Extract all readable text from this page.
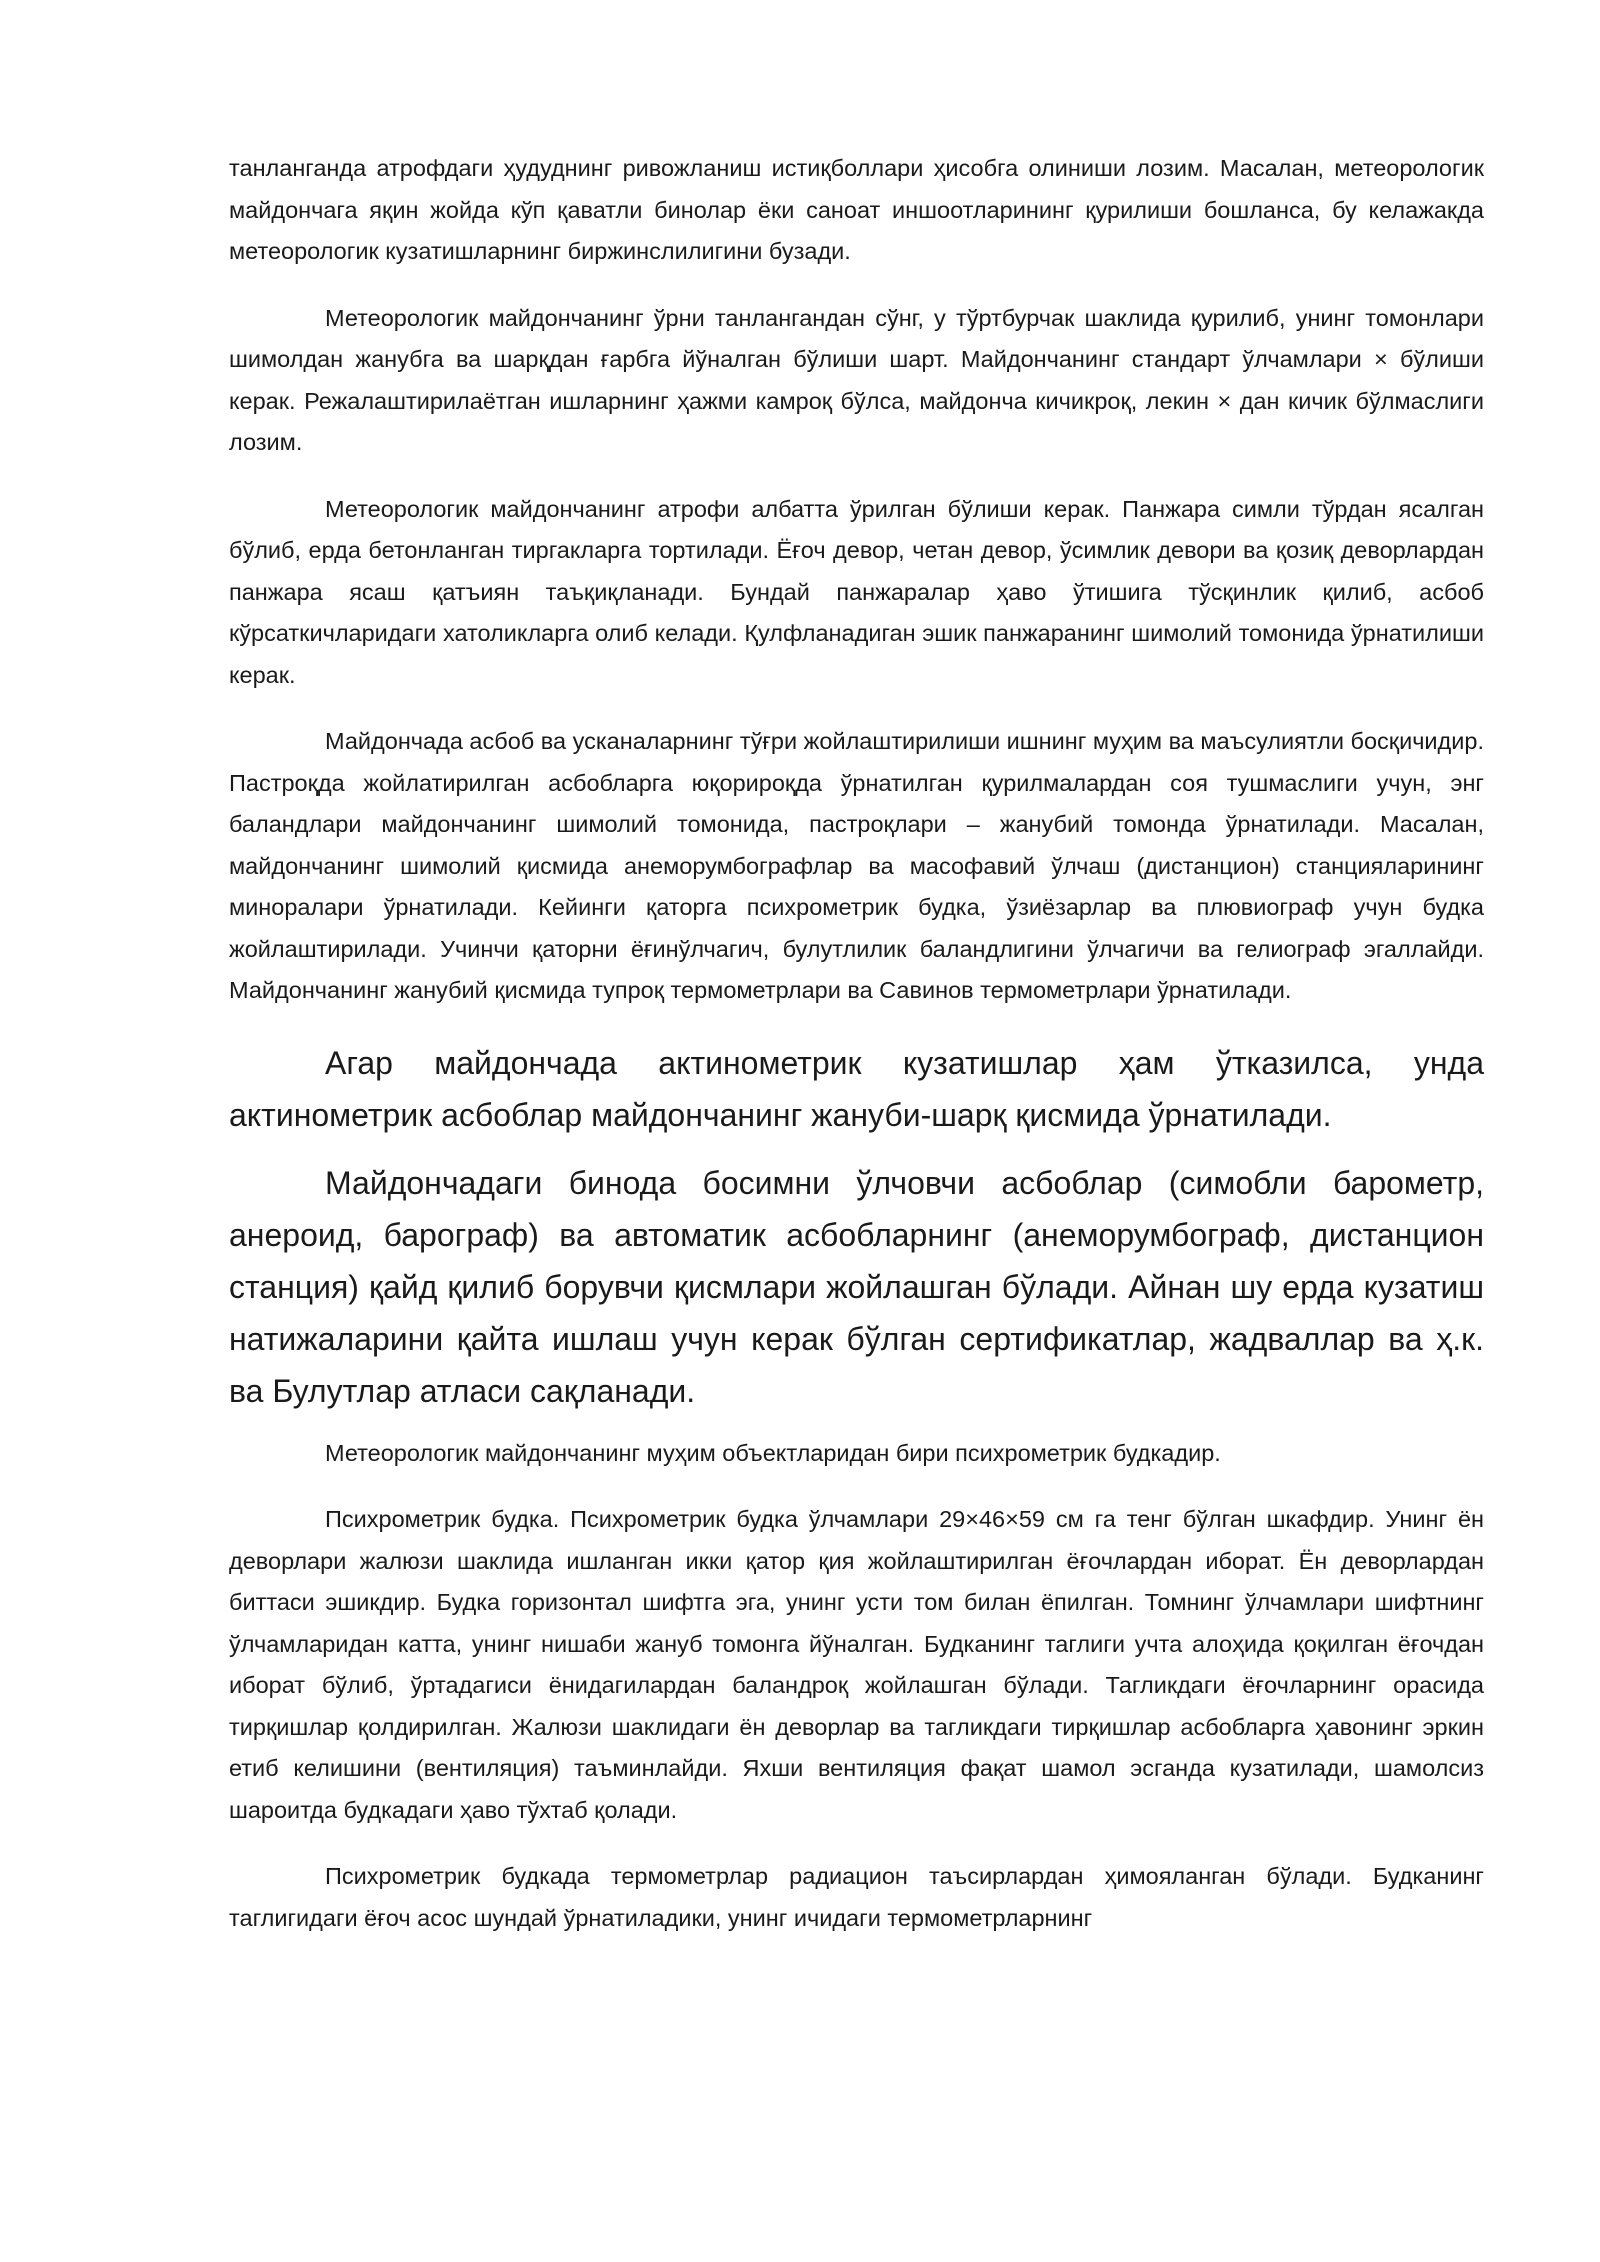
танланганда атрофдаги ҳудуднинг ривожланиш истиқболлари ҳисобга олиниши лозим. Масалан, метеорологик майдончага яқин жойда кўп қаватли бинолар ёки саноат иншоотларининг қурилиши бошланса, бу келажакда метеорологик кузатишларнинг биржинслилигини бузади.

Метеорологик майдончанинг ўрни танлангандан сўнг, у тўртбурчак шаклида қурилиб, унинг томонлари шимолдан жанубга ва шарқдан ғарбга йўналган бўлиши шарт. Майдончанинг стандарт ўлчамлари × бўлиши керак. Режалаштирилаётган ишларнинг ҳажми камроқ бўлса, майдонча кичикроқ, лекин × дан кичик бўлмаслиги лозим.

Метеорологик майдончанинг атрофи албатта ўрилган бўлиши керак. Панжара симли тўрдан ясалган бўлиб, ерда бетонланган тиргакларга тортилади. Ёғоч девор, четан девор, ўсимлик девори ва қозиқ деворлардан панжара ясаш қатъиян таъқиқланади. Бундай панжаралар ҳаво ўтишига тўсқинлик қилиб, асбоб кўрсаткичларидаги хатоликларга олиб келади. Қулфланадиган эшик панжаранинг шимолий томонида ўрнатилиши керак.

Майдончада асбоб ва усканаларнинг тўғри жойлаштирилиши ишнинг муҳим ва маъсулиятли босқичидир. Пастроқда жойлатирилган асбобларга юқорироқда ўрнатилган қурилмалардан соя тушмаслиги учун, энг баландлари майдончанинг шимолий томонида, пастроқлари – жанубий томонда ўрнатилади. Масалан, майдончанинг шимолий қисмида анеморумбографлар ва масофавий ўлчаш (дистанцион) станцияларининг миноралари ўрнатилади. Кейинги қаторга психрометрик будка, ўзиёзарлар ва плювиограф учун будка жойлаштирилади. Учинчи қаторни ёғинўлчагич, булутлилик баландлигини ўлчагичи ва гелиограф эгаллайди. Майдончанинг жанубий қисмида тупроқ термометрлари ва Савинов термометрлари ўрнатилади.

Агар майдончада актинометрик кузатишлар ҳам ўтказилса, унда актинометрик асбоблар майдончанинг жануби-шарқ қисмида ўрнатилади.

Майдончадаги бинода босимни ўлчовчи асбоблар (симобли барометр, анероид, барограф) ва автоматик асбобларнинг (анеморумбограф, дистанцион станция) қайд қилиб борувчи қисмлари жойлашган бўлади. Айнан шу ерда кузатиш натижаларини қайта ишлаш учун керак бўлган сертификатлар, жадваллар ва ҳ.к. ва Булутлар атласи сақланади.

Метеорологик майдончанинг муҳим объектларидан бири психрометрик будкадир.

Психрометрик будка. Психрометрик будка ўлчамлари 29×46×59 см га тенг бўлган шкафдир. Унинг ён деворлари жалюзи шаклида ишланган икки қатор қия жойлаштирилган ёғочлардан иборат. Ён деворлардан биттаси эшикдир. Будка горизонтал шифтга эга, унинг усти том билан ёпилган. Томнинг ўлчамлари шифтнинг ўлчамларидан катта, унинг нишаби жануб томонга йўналган. Будканинг таглиги учта алоҳида қоқилган ёғочдан иборат бўлиб, ўртадагиси ёнидагилардан баландроқ жойлашган бўлади. Тагликдаги ёғочларнинг орасида тирқишлар қолдирилган. Жалюзи шаклидаги ён деворлар ва тагликдаги тирқишлар асбобларга ҳавонинг эркин етиб келишини (вентиляция) таъминлайди. Яхши вентиляция фақат шамол эсганда кузатилади, шамолсиз шароитда будкадаги ҳаво тўхтаб қолади.

Психрометрик будкада термометрлар радиацион таъсирлардан ҳимояланган бўлади. Будканинг таглигидаги ёғоч асос шундай ўрнатиладики, унинг ичидаги термометрларнинг
